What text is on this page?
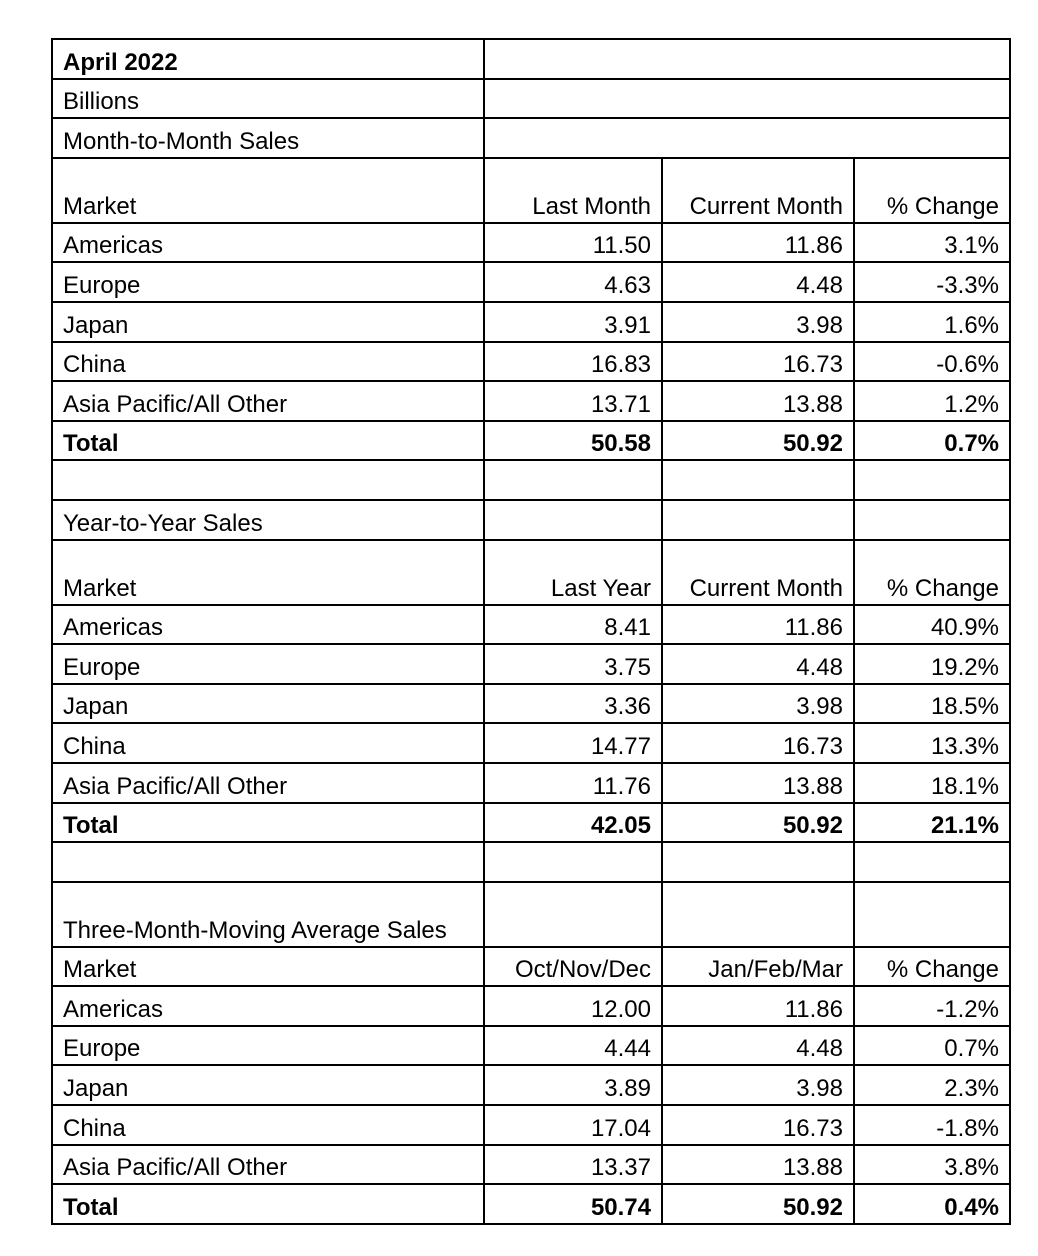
April 2022			
Billions			
Month-to-Month Sales			
Market	Last Month	Current Month	% Change
Americas	11.50	11.86	3.1%
Europe	4.63	4.48	-3.3%
Japan	3.91	3.98	1.6%
China	16.83	16.73	-0.6%
Asia Pacific/All Other	13.71	13.88	1.2%
Total	50.58	50.92	0.7%

Year-to-Year Sales			
Market	Last Year	Current Month	% Change
Americas	8.41	11.86	40.9%
Europe	3.75	4.48	19.2%
Japan	3.36	3.98	18.5%
China	14.77	16.73	13.3%
Asia Pacific/All Other	11.76	13.88	18.1%
Total	42.05	50.92	21.1%

Three-Month-Moving Average Sales			
Market	Oct/Nov/Dec	Jan/Feb/Mar	% Change
Americas	12.00	11.86	-1.2%
Europe	4.44	4.48	0.7%
Japan	3.89	3.98	2.3%
China	17.04	16.73	-1.8%
Asia Pacific/All Other	13.37	13.88	3.8%
Total	50.74	50.92	0.4%
